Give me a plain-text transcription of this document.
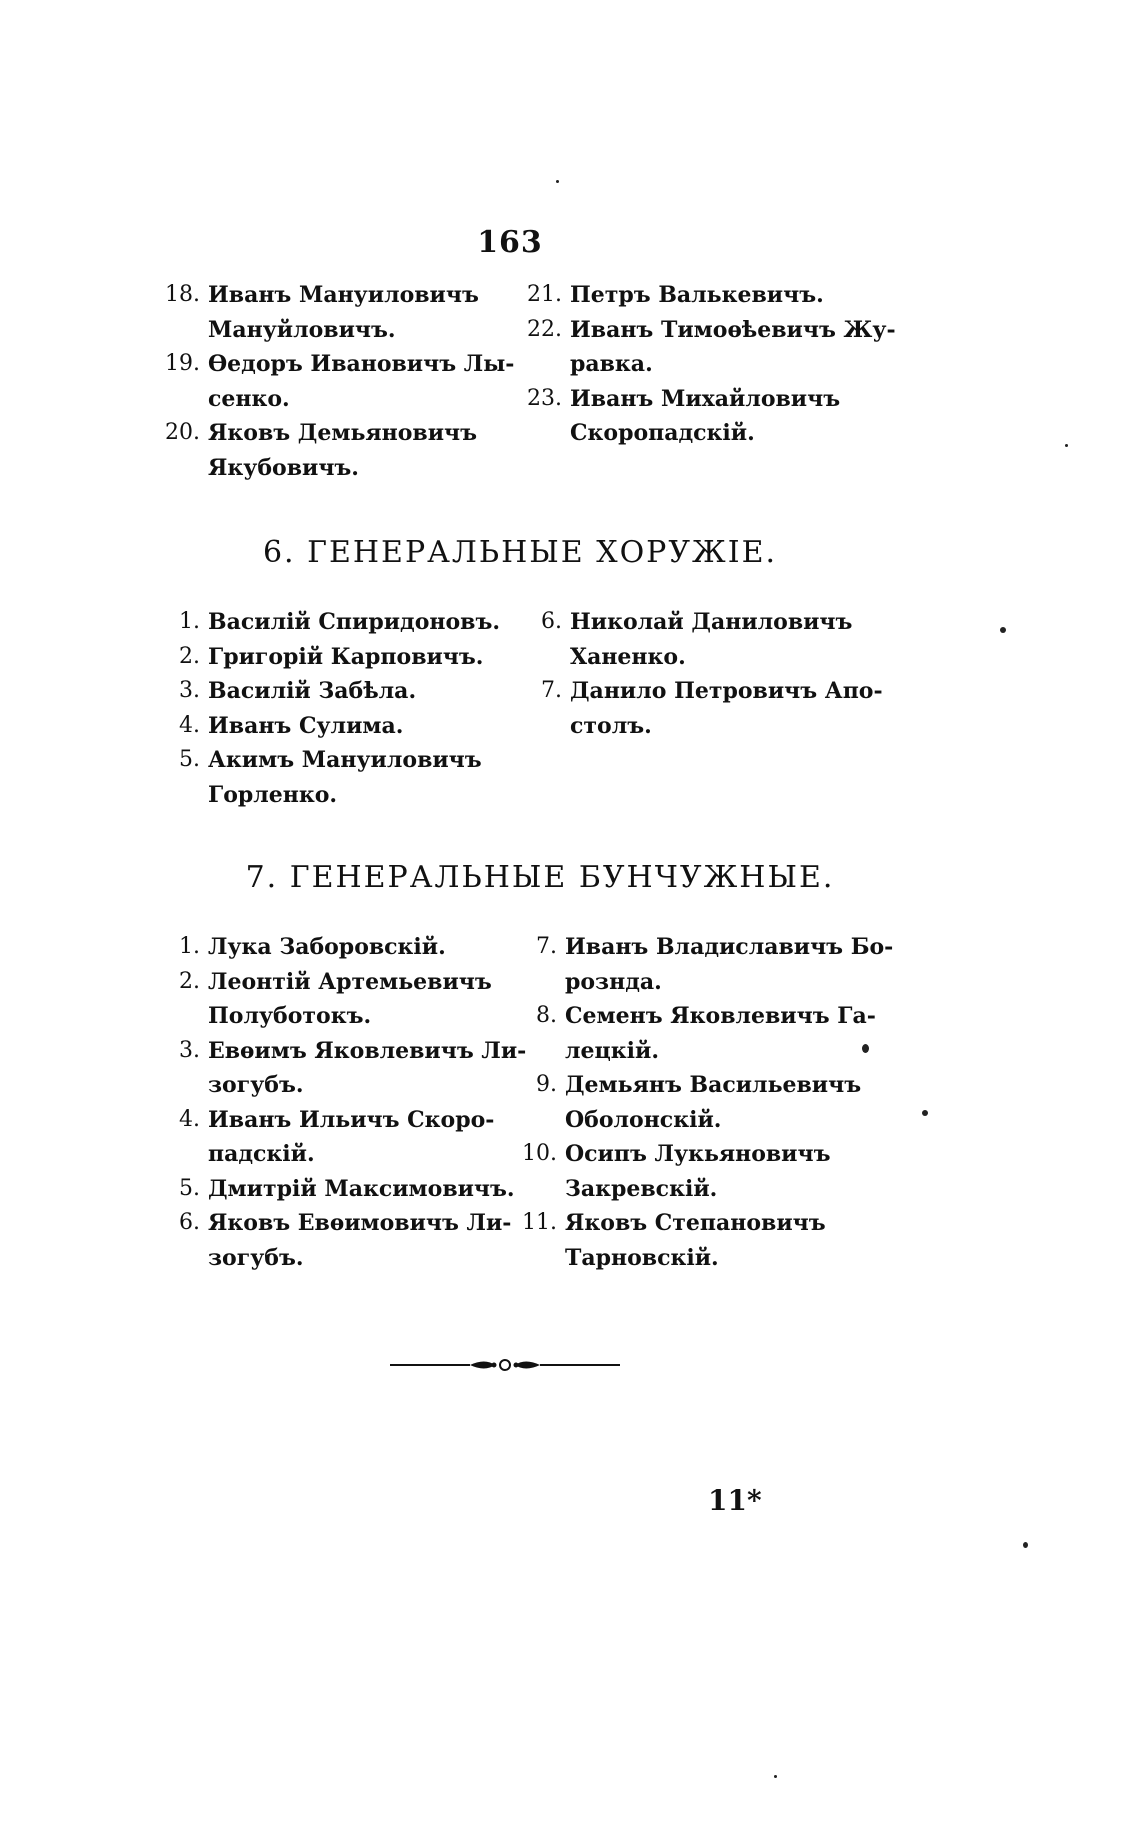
163
18. Иванъ Мануиловичъ
Мануйловичъ.
19. Ѳедоръ Ивановичъ Лы-
сенко.
20. Яковъ Демьяновичъ
Якубовичъ.
21. Петръ Валькевичъ.
22. Иванъ Тимоѳѣевичъ Жу-
равка.
23. Иванъ Михайловичъ
Скоропадскій.
6. ГЕНЕРАЛЬНЫЕ ХОРУЖІЕ.
1. Василій Спиридоновъ.
2. Григорій Карповичъ.
3. Василій Забѣла.
4. Иванъ Сулима.
5. Акимъ Мануиловичъ
Горленко.
6. Николай Даниловичъ
Ханенко.
7. Данило Петровичъ Апо-
столъ.
7. ГЕНЕРАЛЬНЫЕ БУНЧУЖНЫЕ.
1. Лука Заборовскій.
2. Леонтій Артемьевичъ
Полуботокъ.
3. Евѳимъ Яковлевичъ Ли-
зогубъ.
4. Иванъ Ильичъ Скоро-
падскій.
5. Дмитрій Максимовичъ.
6. Яковъ Евѳимовичъ Ли-
зогубъ.
7. Иванъ Владиславичъ Бо-
рознда.
8. Семенъ Яковлевичъ Га-
лецкій.
9. Демьянъ Васильевичъ
Оболонскій.
10. Осипъ Лукьяновичъ
Закревскій.
11. Яковъ Степановичъ
Тарновскій.
11*
